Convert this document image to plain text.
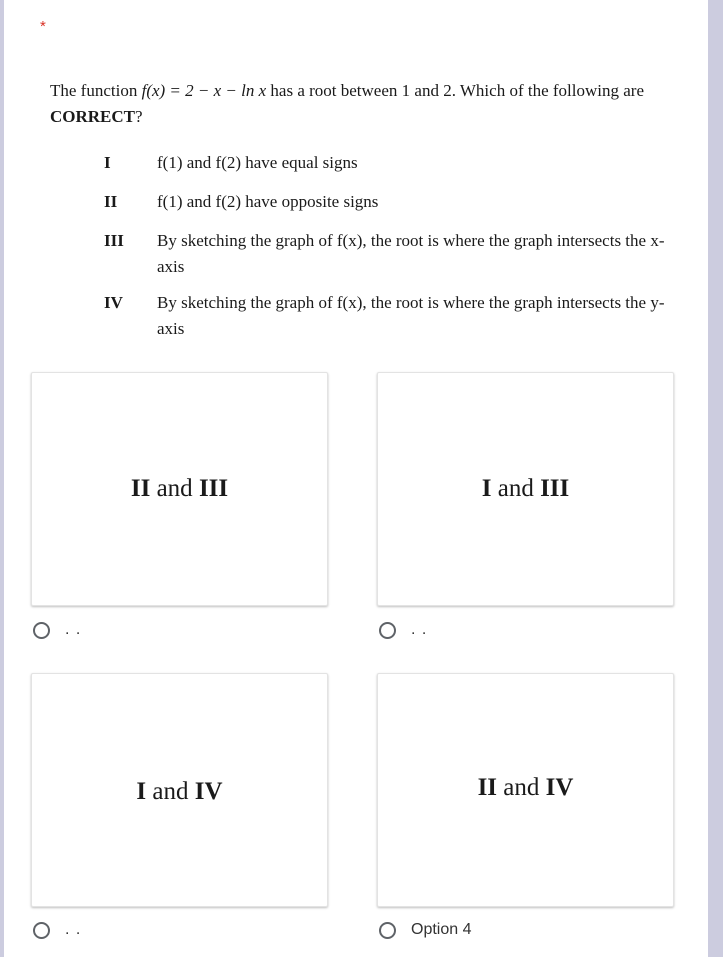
*
The function f(x) = 2 − x − ln x has a root between 1 and 2. Which of the following are CORRECT?
I	f(1) and f(2) have equal signs
II f(1) and f(2) have opposite signs
III By sketching the graph of f(x), the root is where the graph intersects the x-axis
IV By sketching the graph of f(x), the root is where the graph intersects the y-axis
II and III	I and III
I and IV	II and IV
. .	. .
. .	Option 4
